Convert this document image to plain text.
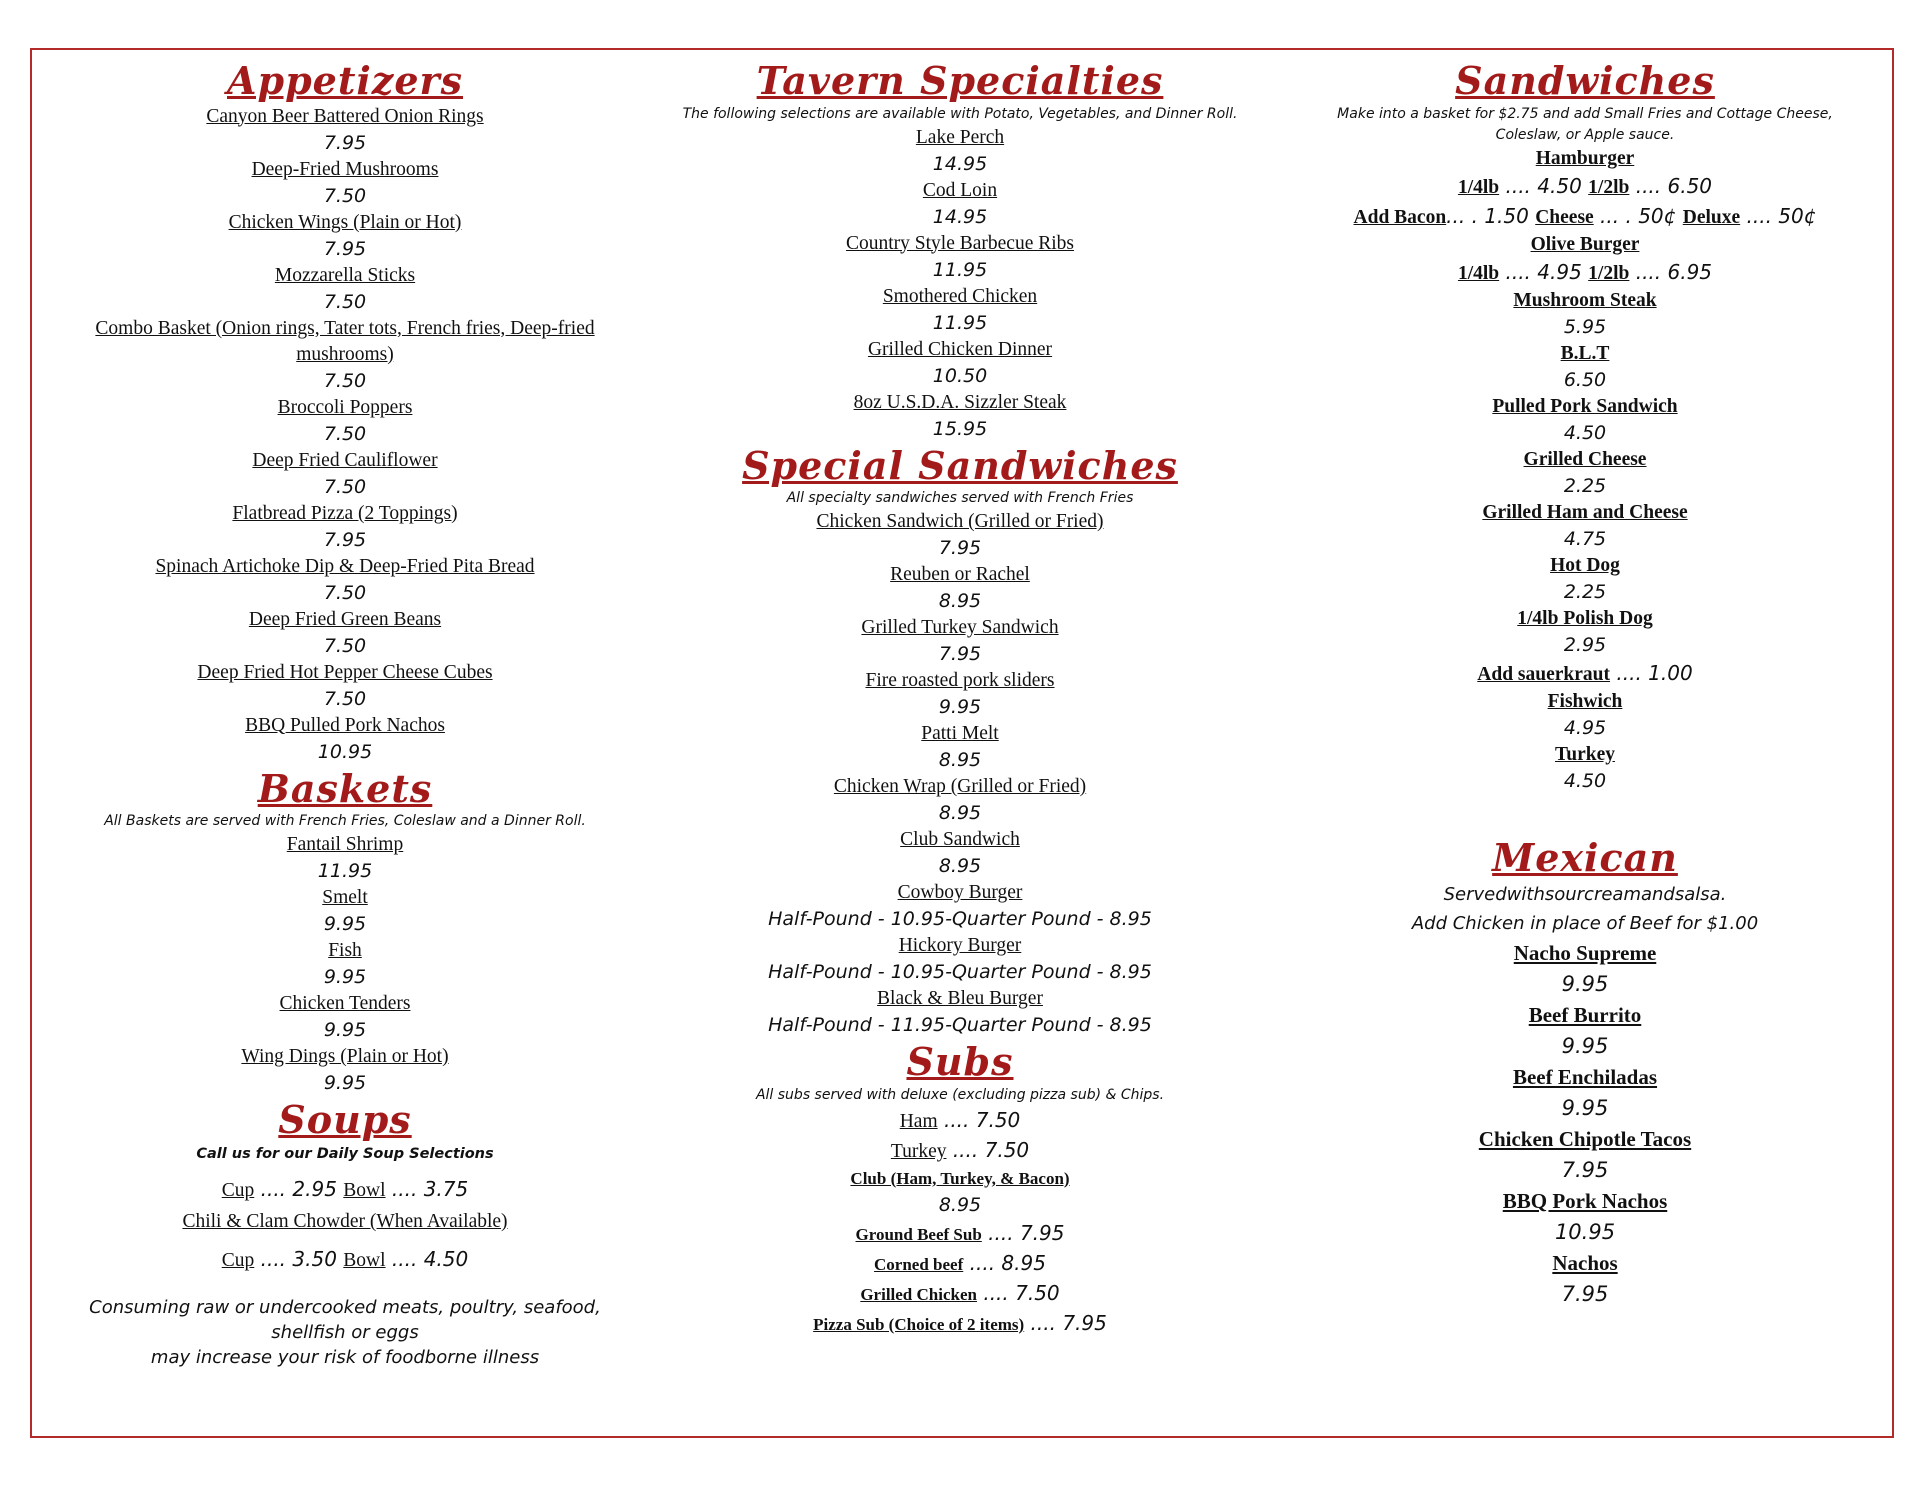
Appetizers

Canyon Beer Battered Onion Rings

7.95

Deep-Fried Mushrooms

7.50

Chicken Wings (Plain or Hot)

7.95

Mozzarella Sticks

7.50

Combo Basket (Onion rings, Tater tots, French fries, Deep-fried mushrooms)

7.50

Broccoli Poppers

7.50

Deep Fried Cauliflower

7.50

Flatbread Pizza (2 Toppings)

7.95

Spinach Artichoke Dip & Deep-Fried Pita Bread

7.50

Deep Fried Green Beans

7.50

Deep Fried Hot Pepper Cheese Cubes

7.50

BBQ Pulled Pork Nachos

10.95

Baskets

All Baskets are served with French Fries, Coleslaw and a Dinner Roll.

Fantail Shrimp

11.95

Smelt

9.95

Fish

9.95

Chicken Tenders

9.95

Wing Dings (Plain or Hot)

9.95

Soups

Call us for our Daily Soup Selections

Cup .... 2.95 Bowl .... 3.75

Chili & Clam Chowder (When Available)

Cup .... 3.50 Bowl .... 4.50

Consuming raw or undercooked meats, poultry, seafood, shellfish or eggs

may increase your risk of foodborne illness

Tavern Specialties

The following selections are available with Potato, Vegetables, and Dinner Roll.

Lake Perch

14.95

Cod Loin

14.95

Country Style Barbecue Ribs

11.95

Smothered Chicken

11.95

Grilled Chicken Dinner

10.50

8oz U.S.D.A. Sizzler Steak

15.95

Special Sandwiches

All specialty sandwiches served with French Fries

Chicken Sandwich (Grilled or Fried)

7.95

Reuben or Rachel

8.95

Grilled Turkey Sandwich

7.95

Fire roasted pork sliders

9.95

Patti Melt

8.95

Chicken Wrap (Grilled or Fried)

8.95

Club Sandwich

8.95

Cowboy Burger

Half-Pound - 10.95-Quarter Pound - 8.95

Hickory Burger

Half-Pound - 10.95-Quarter Pound - 8.95

Black & Bleu Burger

Half-Pound - 11.95-Quarter Pound - 8.95

Subs

All subs served with deluxe (excluding pizza sub) & Chips.

Ham .... 7.50

Turkey .... 7.50

Club (Ham, Turkey, & Bacon)

8.95

Ground Beef Sub .... 7.95

Corned beef .... 8.95

Grilled Chicken .... 7.50

Pizza Sub (Choice of 2 items) .... 7.95

Sandwiches

Make into a basket for $2.75 and add Small Fries and Cottage Cheese, Coleslaw, or Apple sauce.

Hamburger

1/4lb .... 4.50 1/2lb .... 6.50

Add Bacon... . 1.50 Cheese ... . 50¢ Deluxe .... 50¢

Olive Burger

1/4lb .... 4.95 1/2lb .... 6.95

Mushroom Steak

5.95

B.L.T

6.50

Pulled Pork Sandwich

4.50

Grilled Cheese

2.25

Grilled Ham and Cheese

4.75

Hot Dog

2.25

1/4lb Polish Dog

2.95

Add sauerkraut .... 1.00

Fishwich

4.95

Turkey

4.50

Mexican

Servedwithsourcreamandsalsa.

Add Chicken in place of Beef for $1.00

Nacho Supreme

9.95

Beef Burrito

9.95

Beef Enchiladas

9.95

Chicken Chipotle Tacos

7.95

BBQ Pork Nachos

10.95

Nachos

7.95
